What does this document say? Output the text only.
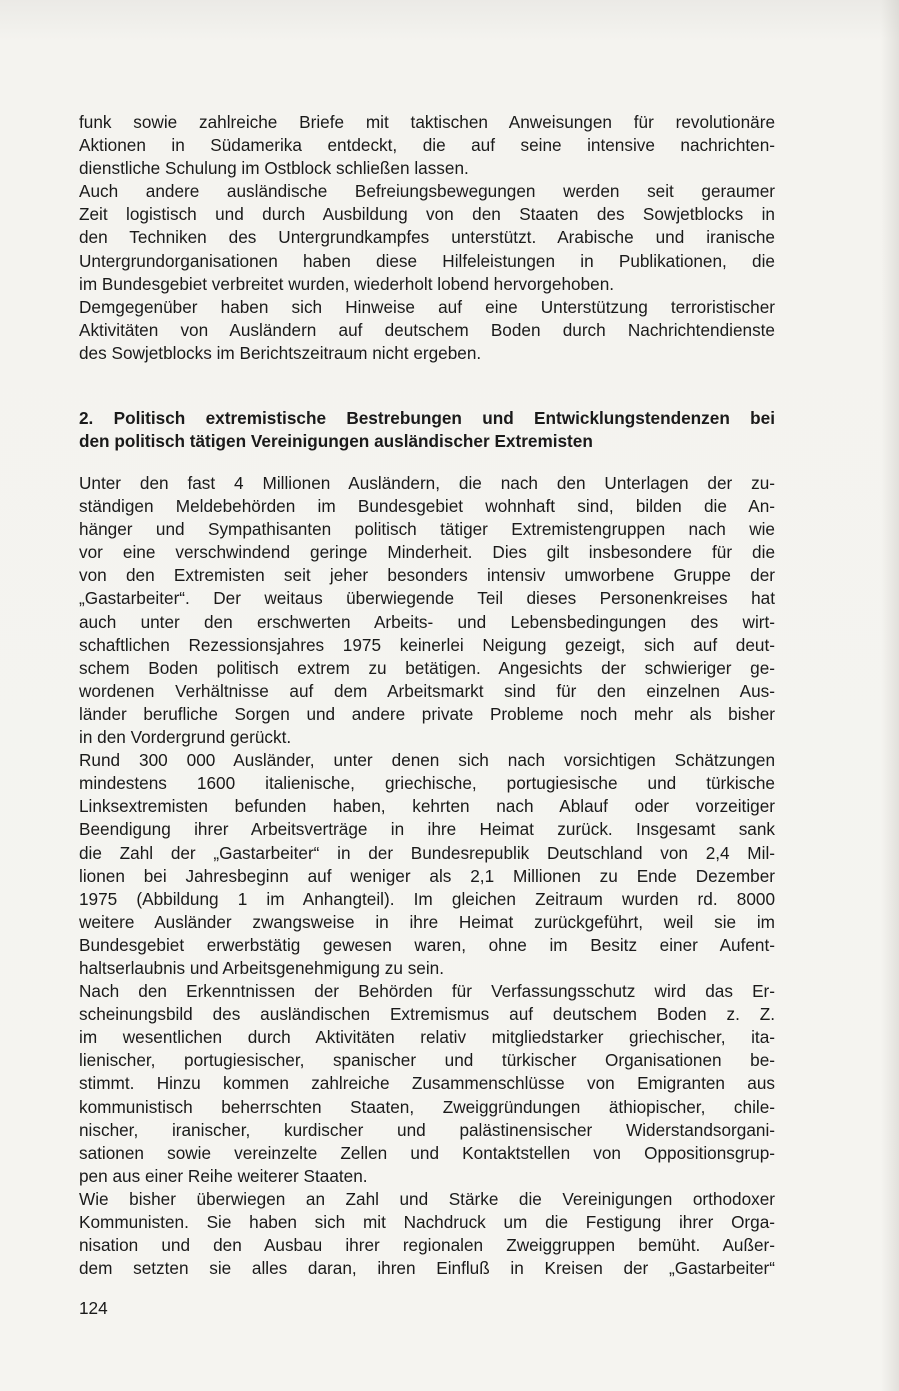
funk sowie zahlreiche Briefe mit taktischen Anweisungen für revolutionäre
Aktionen in Südamerika entdeckt, die auf seine intensive nachrichten-
dienstliche Schulung im Ostblock schließen lassen.
Auch andere ausländische Befreiungsbewegungen werden seit geraumer
Zeit logistisch und durch Ausbildung von den Staaten des Sowjetblocks in
den Techniken des Untergrundkampfes unterstützt. Arabische und iranische
Untergrundorganisationen haben diese Hilfeleistungen in Publikationen, die
im Bundesgebiet verbreitet wurden, wiederholt lobend hervorgehoben.
Demgegenüber haben sich Hinweise auf eine Unterstützung terroristischer
Aktivitäten von Ausländern auf deutschem Boden durch Nachrichtendienste
des Sowjetblocks im Berichtszeitraum nicht ergeben.
2. Politisch extremistische Bestrebungen und Entwicklungstendenzen bei
den politisch tätigen Vereinigungen ausländischer Extremisten
Unter den fast 4 Millionen Ausländern, die nach den Unterlagen der zu-
ständigen Meldebehörden im Bundesgebiet wohnhaft sind, bilden die An-
hänger und Sympathisanten politisch tätiger Extremistengruppen nach wie
vor eine verschwindend geringe Minderheit. Dies gilt insbesondere für die
von den Extremisten seit jeher besonders intensiv umworbene Gruppe der
„Gastarbeiter“. Der weitaus überwiegende Teil dieses Personenkreises hat
auch unter den erschwerten Arbeits- und Lebensbedingungen des wirt-
schaftlichen Rezessionsjahres 1975 keinerlei Neigung gezeigt, sich auf deut-
schem Boden politisch extrem zu betätigen. Angesichts der schwieriger ge-
wordenen Verhältnisse auf dem Arbeitsmarkt sind für den einzelnen Aus-
länder berufliche Sorgen und andere private Probleme noch mehr als bisher
in den Vordergrund gerückt.
Rund 300 000 Ausländer, unter denen sich nach vorsichtigen Schätzungen
mindestens 1600 italienische, griechische, portugiesische und türkische
Linksextremisten befunden haben, kehrten nach Ablauf oder vorzeitiger
Beendigung ihrer Arbeitsverträge in ihre Heimat zurück. Insgesamt sank
die Zahl der „Gastarbeiter“ in der Bundesrepublik Deutschland von 2,4 Mil-
lionen bei Jahresbeginn auf weniger als 2,1 Millionen zu Ende Dezember
1975 (Abbildung 1 im Anhangteil). Im gleichen Zeitraum wurden rd. 8000
weitere Ausländer zwangsweise in ihre Heimat zurückgeführt, weil sie im
Bundesgebiet erwerbstätig gewesen waren, ohne im Besitz einer Aufent-
haltserlaubnis und Arbeitsgenehmigung zu sein.
Nach den Erkenntnissen der Behörden für Verfassungsschutz wird das Er-
scheinungsbild des ausländischen Extremismus auf deutschem Boden z. Z.
im wesentlichen durch Aktivitäten relativ mitgliedstarker griechischer, ita-
lienischer, portugiesischer, spanischer und türkischer Organisationen be-
stimmt. Hinzu kommen zahlreiche Zusammenschlüsse von Emigranten aus
kommunistisch beherrschten Staaten, Zweiggründungen äthiopischer, chile-
nischer, iranischer, kurdischer und palästinensischer Widerstandsorgani-
sationen sowie vereinzelte Zellen und Kontaktstellen von Oppositionsgrup-
pen aus einer Reihe weiterer Staaten.
Wie bisher überwiegen an Zahl und Stärke die Vereinigungen orthodoxer
Kommunisten. Sie haben sich mit Nachdruck um die Festigung ihrer Orga-
nisation und den Ausbau ihrer regionalen Zweiggruppen bemüht. Außer-
dem setzten sie alles daran, ihren Einfluß in Kreisen der „Gastarbeiter“
124
